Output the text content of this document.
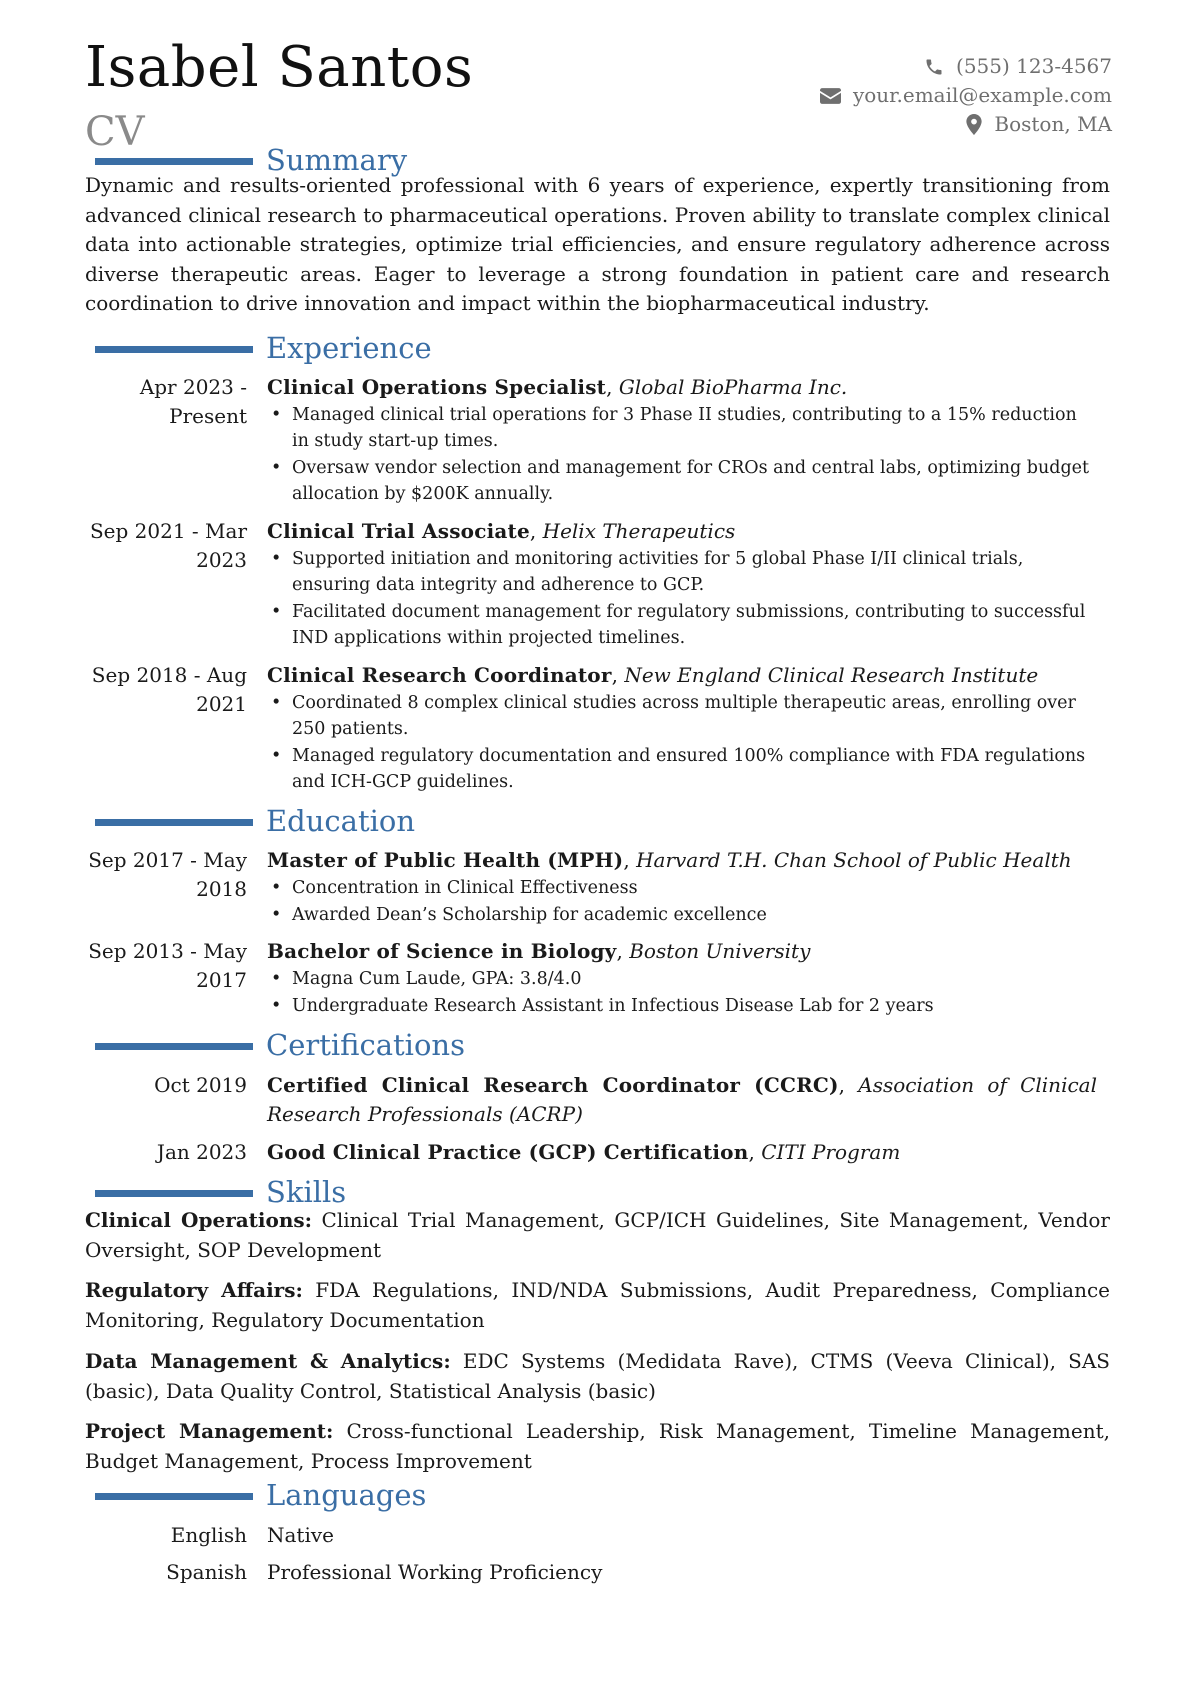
Isabel Santos
CV
(555) 123-4567
your.email@example.com
Boston, MA
Summary
Dynamic and results-oriented professional with 6 years of experience, expertly transitioning from advanced clinical research to pharmaceutical operations. Proven ability to translate complex clinical data into actionable strategies, optimize trial efficiencies, and ensure regulatory adherence across diverse therapeutic areas. Eager to leverage a strong foundation in patient care and research coordination to drive innovation and impact within the biopharmaceutical industry.
Experience
Apr 2023 - Present
Clinical Operations Specialist, Global BioPharma Inc.
• Managed clinical trial operations for 3 Phase II studies, contributing to a 15% reduction in study start-up times.
• Oversaw vendor selection and management for CROs and central labs, optimizing budget allocation by $200K annually.
Sep 2021 - Mar 2023
Clinical Trial Associate, Helix Therapeutics
• Supported initiation and monitoring activities for 5 global Phase I/II clinical trials, ensuring data integrity and adherence to GCP.
• Facilitated document management for regulatory submissions, contributing to successful IND applications within projected timelines.
Sep 2018 - Aug 2021
Clinical Research Coordinator, New England Clinical Research Institute
• Coordinated 8 complex clinical studies across multiple therapeutic areas, enrolling over 250 patients.
• Managed regulatory documentation and ensured 100% compliance with FDA regulations and ICH-GCP guidelines.
Education
Sep 2017 - May 2018
Master of Public Health (MPH), Harvard T.H. Chan School of Public Health
• Concentration in Clinical Effectiveness
• Awarded Dean’s Scholarship for academic excellence
Sep 2013 - May 2017
Bachelor of Science in Biology, Boston University
• Magna Cum Laude, GPA: 3.8/4.0
• Undergraduate Research Assistant in Infectious Disease Lab for 2 years
Certifications
Oct 2019 Certified Clinical Research Coordinator (CCRC), Association of Clinical Research Professionals (ACRP)
Jan 2023 Good Clinical Practice (GCP) Certification, CITI Program
Skills
Clinical Operations: Clinical Trial Management, GCP/ICH Guidelines, Site Management, Vendor Oversight, SOP Development
Regulatory Affairs: FDA Regulations, IND/NDA Submissions, Audit Preparedness, Compliance Monitoring, Regulatory Documentation
Data Management & Analytics: EDC Systems (Medidata Rave), CTMS (Veeva Clinical), SAS (basic), Data Quality Control, Statistical Analysis (basic)
Project Management: Cross-functional Leadership, Risk Management, Timeline Management, Budget Management, Process Improvement
Languages
English Native
Spanish Professional Working Proficiency
